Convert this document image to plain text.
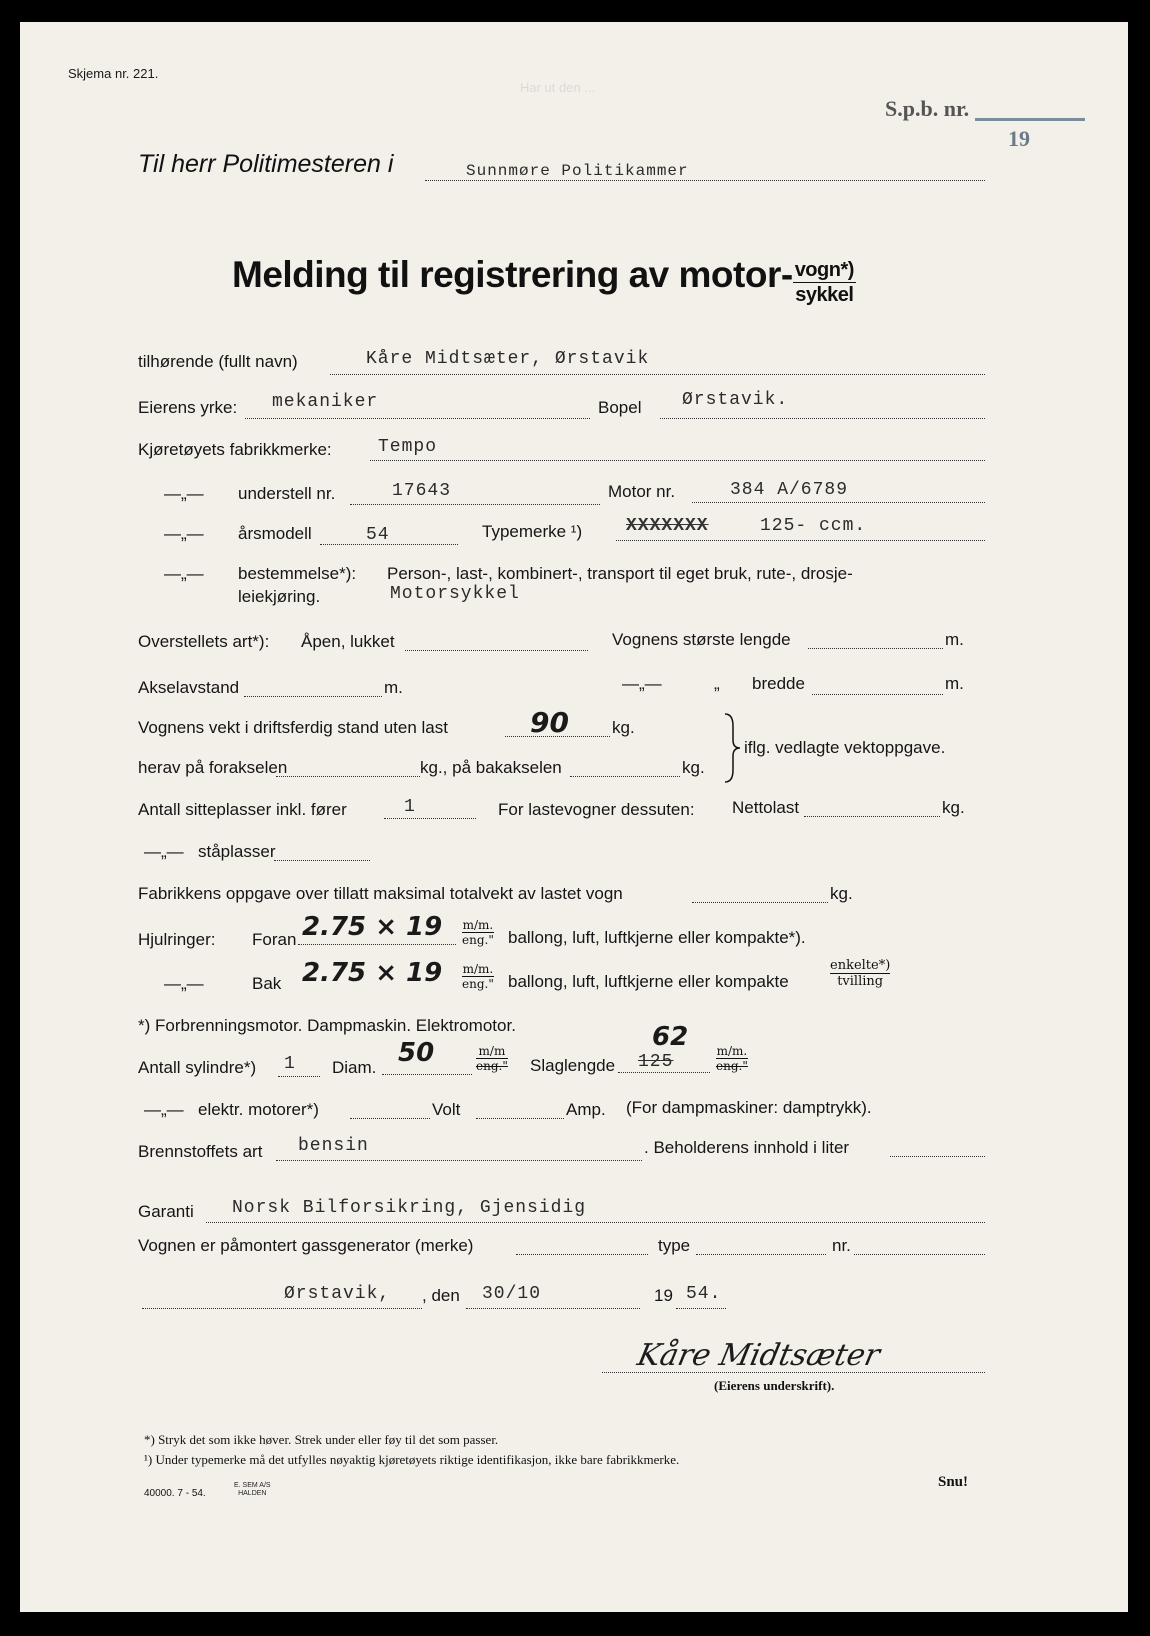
Har ut den ...
Skjema nr. 221.
S.p.b. nr.
19
Til herr Politimesteren i	Sunnmøre Politikammer
Melding til registrering av motor- $\frac{\text{vogn*)}}{\text{sykkel}}$
tilhørende (fullt navn)	Kåre Midtsæter, Ørstavik
Eierens yrke: mekaniker	Bopel Ørstavik.
Kjøretøyets fabrikkmerke:	Tempo
—„— understell nr.	17643	Motor nr.	384 A/6789
—„— årsmodell	54	Typemerke ¹) XXXXXXX	125- ccm.
—„— bestemmelse*): Person-, last-, kombinert-, transport til eget bruk, rute-, drosje-
leiekjøring.	Motorsykkel
Overstellets art*): Åpen, lukket	Vognens største lengde	m.
Akselavstand	m.	—„—	„ bredde	m.
Vognens vekt i driftsferdig stand uten last	90	kg.
herav på forakselen	kg., på bakakselen	kg.
iflg. vedlagte vektoppgave.
Antall sitteplasser inkl. fører	1	For lastevogner dessuten: Nettolast	kg.
—„— ståplasser
Fabrikkens oppgave over tillatt maksimal totalvekt av lastet vogn	kg.
Hjulringer: Foran 2.75 × 19 m/m.
eng." ballong, luft, luftkjerne eller kompakte*).
—„—	Bak 2.75 × 19 m/m.
eng." ballong, luft, luftkjerne eller kompakte
enkelte*)
tvilling
*) Forbrenningsmotor. Dampmaskin. Elektromotor.
Antall sylindre*) 1 Diam. 50	m/m
eng." Slaglengde
62
125
m/m.
eng."
—„— elektr. motorer*)	Volt	Amp. (For dampmaskiner: damptrykk).
Brennstoffets art bensin	. Beholderens innhold i liter
Garanti Norsk Bilforsikring, Gjensidig
Vognen er påmontert gassgenerator (merke)	type	nr.
Ørstavik, , den 30/10	19 54.
Kåre Midtsæter
(Eierens underskrift).
*) Stryk det som ikke høver. Strek under eller føy til det som passer.
¹) Under typemerke må det utfylles nøyaktig kjøretøyets riktige identifikasjon, ikke bare fabrikkmerke.
40000. 7 - 54.
E. SEM A/S
HALDEN
Snu!
